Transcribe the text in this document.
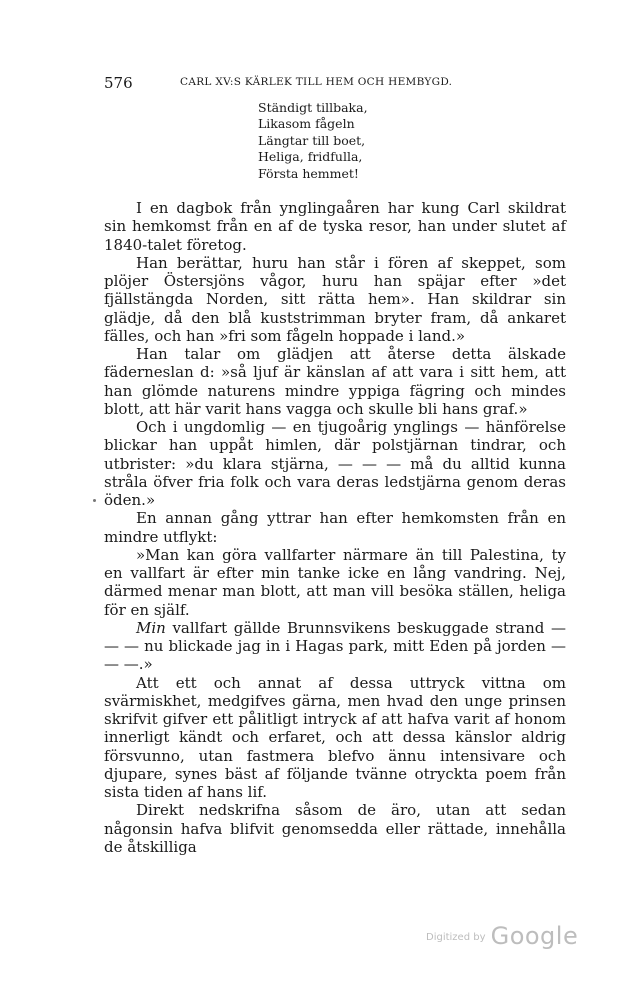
576	CARL XV:S KÄRLEK TILL HEM OCH HEMBYGD.
Ständigt tillbaka,
Likasom fågeln
Längtar till boet,
Heliga, fridfulla,
Första hemmet!

I en dagbok från ynglingaåren har kung Carl skildrat sin hemkomst från en af de tyska resor, han under slutet af 1840-talet företog.

Han berättar, huru han står i fören af skeppet, som plöjer Östersjöns vågor, huru han späjar efter »det fjällstängda Norden, sitt rätta hem». Han skildrar sin glädje, då den blå kuststrimman bryter fram, då ankaret fälles, och han »fri som fågeln hoppade i land.»

Han talar om glädjen att återse detta älskade fäderneslan d: »så ljuf är känslan af att vara i sitt hem, att han glömde naturens mindre yppiga fägring och mindes blott, att här varit hans vagga och skulle bli hans graf.»

Och i ungdomlig — en tjugoårig ynglings — hänförelse blickar han uppåt himlen, där polstjärnan tindrar, och utbrister: »du klara stjärna, — — — må du alltid kunna stråla öfver fria folk och vara deras ledstjärna genom deras öden.»

En annan gång yttrar han efter hemkomsten från en mindre utflykt:

»Man kan göra vallfarter närmare än till Palestina, ty en vallfart är efter min tanke icke en lång vandring. Nej, därmed menar man blott, att man vill besöka ställen, heliga för en själf.

Min vallfart gällde Brunnsvikens beskuggade strand — — — nu blickade jag in i Hagas park, mitt Eden på jorden — — —.»

Att ett och annat af dessa uttryck vittna om svärmiskhet, medgifves gärna, men hvad den unge prinsen skrifvit gifver ett pålitligt intryck af att hafva varit af honom innerligt kändt och erfaret, och att dessa känslor aldrig försvunno, utan fastmera blefvo ännu intensivare och djupare, synes bäst af följande tvänne otryckta poem från sista tiden af hans lif.

Direkt nedskrifna såsom de äro, utan att sedan någonsin hafva blifvit genomsedda eller rättade, innehålla de åtskilliga

$^{Digitized by}$ Google
